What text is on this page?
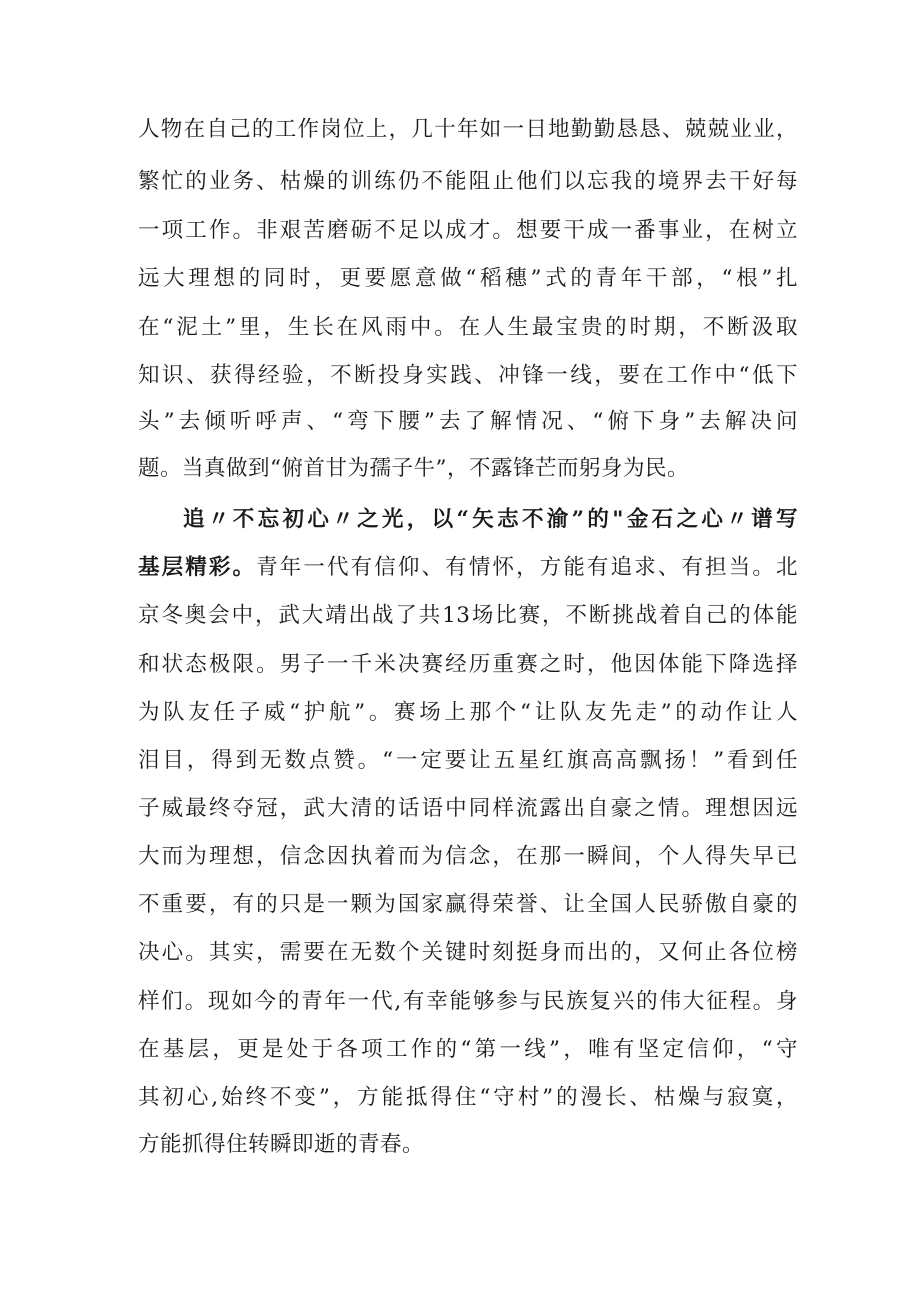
人物在自己的工作岗位上，几十年如一日地勤勤恳恳、兢兢业业，
繁忙的业务、枯燥的训练仍不能阻止他们以忘我的境界去干好每
一项工作。非艰苦磨砺不足以成才。想要干成一番事业，在树立
远大理想的同时，更要愿意做“稻穗”式的青年干部，“根”扎
在“泥土”里，生长在风雨中。在人生最宝贵的时期，不断汲取
知识、获得经验，不断投身实践、冲锋一线，要在工作中“低下
头”去倾听呼声、“弯下腰”去了解情况、“俯下身”去解决问
题。当真做到“俯首甘为孺子牛”，不露锋芒而躬身为民。
追〃不忘初心〃之光，以“矢志不渝”的"金石之心〃谱写
基层精彩。青年一代有信仰、有情怀，方能有追求、有担当。北
京冬奥会中，武大靖出战了共13场比赛，不断挑战着自己的体能
和状态极限。男子一千米决赛经历重赛之时，他因体能下降选择
为队友任子威“护航”。赛场上那个“让队友先走”的动作让人
泪目，得到无数点赞。“一定要让五星红旗高高飘扬！”看到任
子威最终夺冠，武大清的话语中同样流露出自豪之情。理想因远
大而为理想，信念因执着而为信念，在那一瞬间，个人得失早已
不重要，有的只是一颗为国家赢得荣誉、让全国人民骄傲自豪的
决心。其实，需要在无数个关键时刻挺身而出的，又何止各位榜
样们。现如今的青年一代,有幸能够参与民族复兴的伟大征程。身
在基层，更是处于各项工作的“第一线”，唯有坚定信仰，“守
其初心,始终不变”，方能抵得住“守村”的漫长、枯燥与寂寞，
方能抓得住转瞬即逝的青春。
